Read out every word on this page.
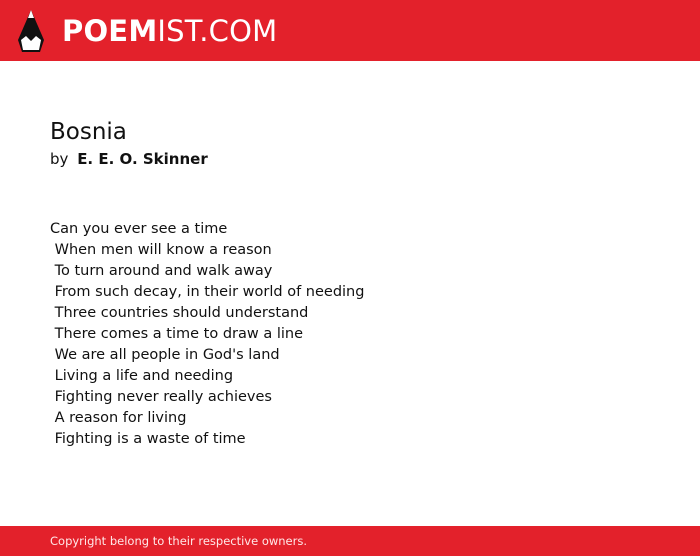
POEMIST.COM
Bosnia
by E. E. O. Skinner
Can you ever see a time
When men will know a reason
To turn around and walk away
From such decay, in their world of needing
Three countries should understand
There comes a time to draw a line
We are all people in God's land
Living a life and needing
Fighting never really achieves
A reason for living
Fighting is a waste of time
Copyright belong to their respective owners.
